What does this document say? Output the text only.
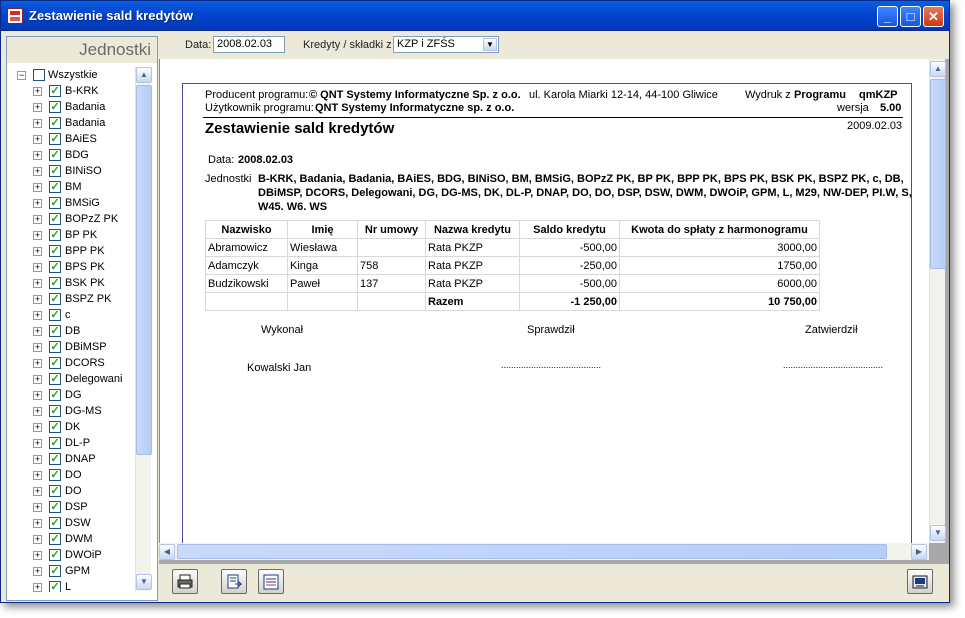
Zestawienie sald kredytów	_	□	✕
Jednostki
− Wszystkie
+ ✓ B-KRK
+ ✓ Badania
+ ✓ Badania
+ ✓ BAiES
+ ✓ BDG
+ ✓ BINiSO
+ ✓ BM
+ ✓ BMSiG
+ ✓ BOPzZ PK
+ ✓ BP PK
+ ✓ BPP PK
+ ✓ BPS PK
+ ✓ BSK PK
+ ✓ BSPZ PK
+ ✓ c
+ ✓ DB
+ ✓ DBiMSP
+ ✓ DCORS
+ ✓ Delegowani
+ ✓ DG
+ ✓ DG-MS
+ ✓ DK
+ ✓ DL-P
+ ✓ DNAP
+ ✓ DO
+ ✓ DO
+ ✓ DSP
+ ✓ DSW
+ ✓ DWM
+ ✓ DWOiP
+ ✓ GPM
+ ✓ L
▲
▼
Data: 2008.02.03	Kredyty / składki z KZP i ZFŚS	▼
Producent programu: © QNT Systemy Informatyczne Sp. z o.o. ul. Karola Miarki 12-14, 44-100 Gliwice Wydruk z Programu qmKZP
Użytkownik programu: QNT Systemy Informatyczne sp. z o.o.	wersja 5.00
Zestawienie sald kredytów	2009.02.03
Data: 2008.02.03
Jednostki B-KRK, Badania, Badania, BAiES, BDG, BINiSO, BM, BMSiG, BOPzZ PK, BP PK, BPP PK, BPS PK, BSK PK, BSPZ PK, c, DB,
DBiMSP, DCORS, Delegowani, DG, DG-MS, DK, DL-P, DNAP, DO, DO, DSP, DSW, DWM, DWOiP, GPM, L, M29, NW-DEP, PI.W, S,
W45. W6. WS
Nazwisko	Imię	Nr umowy	Nazwa kredytu	Saldo kredytu	Kwota do spłaty z harmonogramu
Abramowicz	Wiesława		Rata PKZP	-500,00	3000,00
Adamczyk	Kinga	758	Rata PKZP	-250,00	1750,00
Budzikowski	Paweł	137	Rata PKZP	-500,00	6000,00
			Razem	-1 250,00	10 750,00
Wykonał	Sprawdził	Zatwierdził
Kowalski Jan	........................................	........................................
▲
▼
◀	▶
